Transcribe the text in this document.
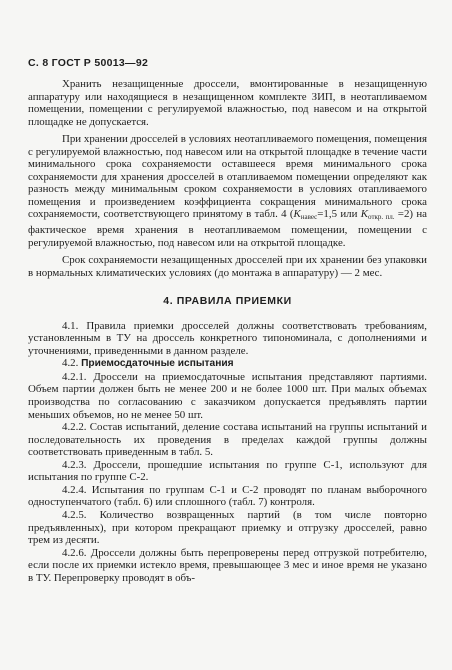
С. 8 ГОСТ Р 50013—92

Хранить незащищенные дроссели, вмонтированные в незащищенную аппаратуру или находящиеся в незащищенном комплекте ЗИП, в неотапливаемом помещении, помещении с регулируемой влажностью, под навесом и на открытой площадке не допускается.

При хранении дросселей в условиях неотапливаемого помещения, помещения с регулируемой влажностью, под навесом или на открытой площадке в течение части минимального срока сохраняемости оставшееся время минимального срока сохраняемости для хранения дросселей в отапливаемом помещении определяют как разность между минимальным сроком сохраняемости в условиях отапливаемого помещения и произведением коэффициента сокращения минимального срока сохраняемости, соответствующего принятому в табл. 4 ($K_{навес}=1,5$ или $K_{откр. пл.} =2$) на фактическое время хранения в неотапливаемом помещении, помещении с регулируемой влажностью, под навесом или на открытой площадке.

Срок сохраняемости незащищенных дросселей при их хранении без упаковки в нормальных климатических условиях (до монтажа в аппаратуру) — 2 мес.

4. ПРАВИЛА ПРИЕМКИ

4.1. Правила приемки дросселей должны соответствовать требованиям, установленным в ТУ на дроссель конкретного типономинала, с дополнениями и уточнениями, приведенными в данном разделе.

4.2. Приемосдаточные испытания

4.2.1. Дроссели на приемосдаточные испытания представляют партиями. Объем партии должен быть не менее 200 и не более 1000 шт. При малых объемах производства по согласованию с заказчиком допускается предъявлять партии меньших объемов, но не менее 50 шт.

4.2.2. Состав испытаний, деление состава испытаний на группы испытаний и последовательность их проведения в пределах каждой группы должны соответствовать приведенным в табл. 5.

4.2.3. Дроссели, прошедшие испытания по группе С-1, используют для испытания по группе С-2.

4.2.4. Испытания по группам С-1 и С-2 проводят по планам выборочного одноступенчатого (табл. 6) или сплошного (табл. 7) контроля.

4.2.5. Количество возвращенных партий (в том числе повторно предъявленных), при котором прекращают приемку и отгрузку дросселей, равно трем из десяти.

4.2.6. Дроссели должны быть перепроверены перед отгрузкой потребителю, если после их приемки истекло время, превышающее 3 мес и иное время не указано в ТУ. Перепроверку проводят в объ-
